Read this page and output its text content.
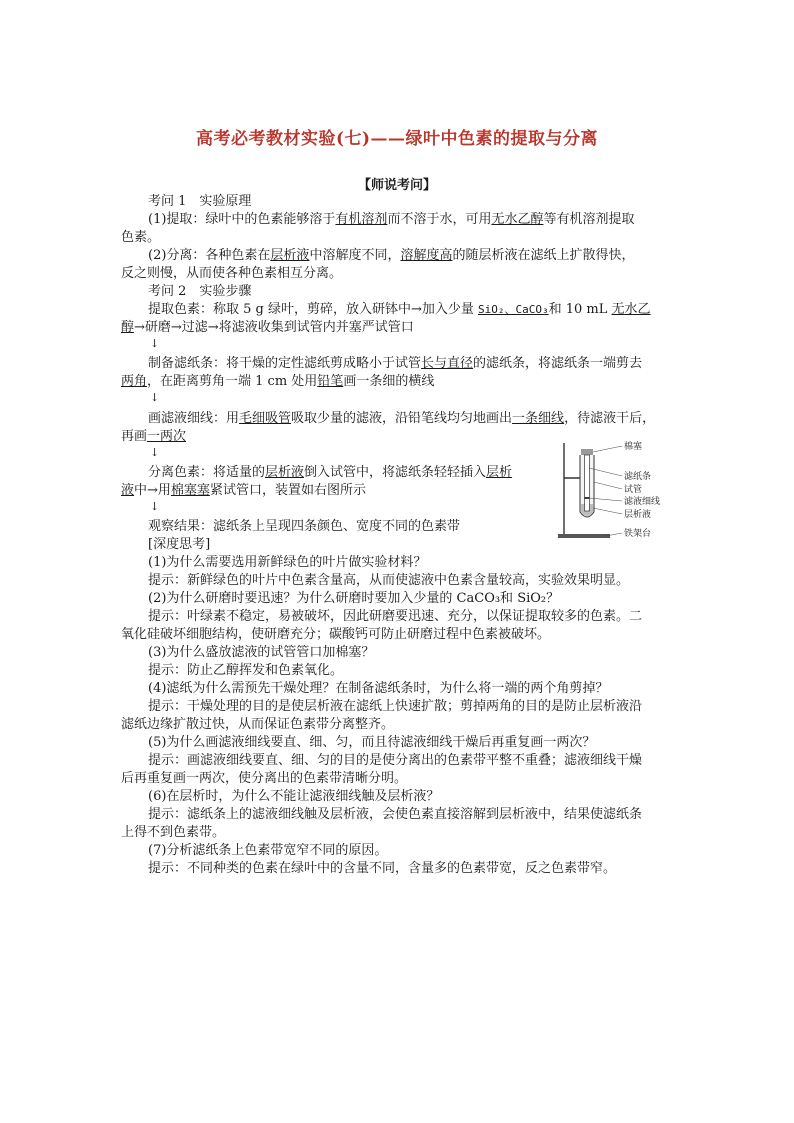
高考必考教材实验(七)——绿叶中色素的提取与分离
【师说考问】
考问 1　实验原理
(1)提取：绿叶中的色素能够溶于有机溶剂而不溶于水，可用无水乙醇等有机溶剂提取
色素。
(2)分离：各种色素在层析液中溶解度不同，溶解度高的随层析液在滤纸上扩散得快，
反之则慢，从而使各种色素相互分离。
考问 2　实验步骤
提取色素：称取 5 g 绿叶，剪碎，放入研钵中→加入少量 SiO₂、CaCO₃和 10 mL 无水乙
醇→研磨→过滤→将滤液收集到试管内并塞严试管口
↓
制备滤纸条：将干燥的定性滤纸剪成略小于试管长与直径的滤纸条，将滤纸条一端剪去
两角，在距离剪角一端 1 cm 处用铅笔画一条细的横线
↓
画滤液细线：用毛细吸管吸取少量的滤液，沿铅笔线均匀地画出一条细线，待滤液干后，
再画一两次
↓
分离色素：将适量的层析液倒入试管中，将滤纸条轻轻插入层析
液中→用棉塞塞紧试管口，装置如右图所示
↓
观察结果：滤纸条上呈现四条颜色、宽度不同的色素带
棉塞
滤纸条
试管
滤液细线
层析液
铁架台
[深度思考]
(1)为什么需要选用新鲜绿色的叶片做实验材料？
提示：新鲜绿色的叶片中色素含量高，从而使滤液中色素含量较高，实验效果明显。
(2)为什么研磨时要迅速？为什么研磨时要加入少量的 CaCO₃和 SiO₂？
提示：叶绿素不稳定，易被破坏，因此研磨要迅速、充分，以保证提取较多的色素。二
氧化硅破坏细胞结构，使研磨充分；碳酸钙可防止研磨过程中色素被破坏。
(3)为什么盛放滤液的试管管口加棉塞？
提示：防止乙醇挥发和色素氧化。
(4)滤纸为什么需预先干燥处理？在制备滤纸条时，为什么将一端的两个角剪掉？
提示：干燥处理的目的是使层析液在滤纸上快速扩散；剪掉两角的目的是防止层析液沿
滤纸边缘扩散过快，从而保证色素带分离整齐。
(5)为什么画滤液细线要直、细、匀，而且待滤液细线干燥后再重复画一两次？
提示：画滤液细线要直、细、匀的目的是使分离出的色素带平整不重叠；滤液细线干燥
后再重复画一两次，使分离出的色素带清晰分明。
(6)在层析时，为什么不能让滤液细线触及层析液？
提示：滤纸条上的滤液细线触及层析液，会使色素直接溶解到层析液中，结果使滤纸条
上得不到色素带。
(7)分析滤纸条上色素带宽窄不同的原因。
提示：不同种类的色素在绿叶中的含量不同，含量多的色素带宽，反之色素带窄。
